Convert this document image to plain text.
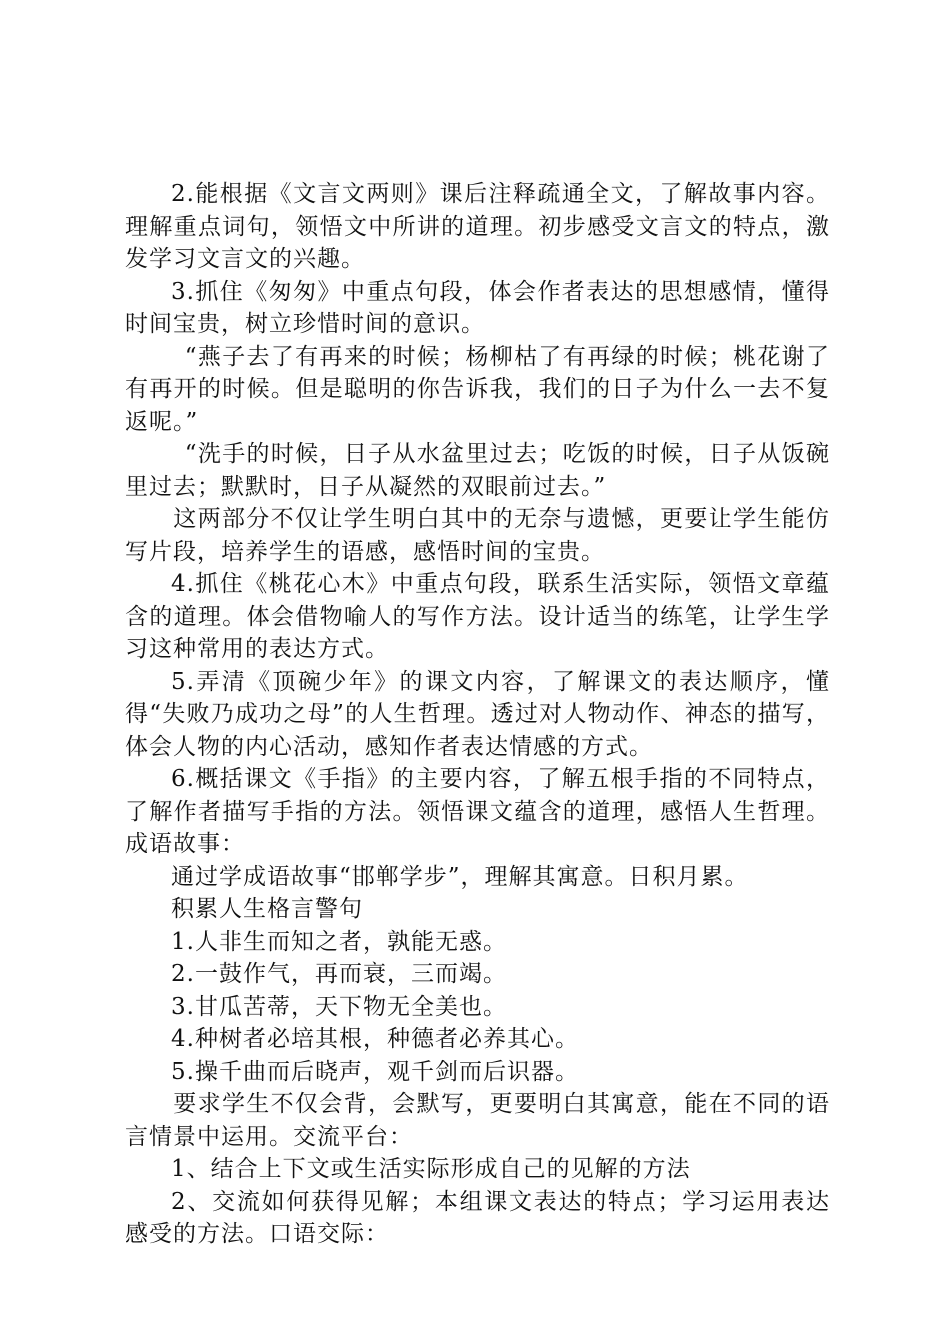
2.能根据《文言文两则》课后注释疏通全文，了解故事内容。理解重点词句，领悟文中所讲的道理。初步感受文言文的特点，激发学习文言文的兴趣。

3.抓住《匆匆》中重点句段，体会作者表达的思想感情，懂得时间宝贵，树立珍惜时间的意识。

“燕子去了有再来的时候；杨柳枯了有再绿的时候；桃花谢了有再开的时候。但是聪明的你告诉我，我们的日子为什么一去不复返呢。”

“洗手的时候，日子从水盆里过去；吃饭的时候，日子从饭碗里过去；默默时，日子从凝然的双眼前过去。”

这两部分不仅让学生明白其中的无奈与遗憾，更要让学生能仿写片段，培养学生的语感，感悟时间的宝贵。

4.抓住《桃花心木》中重点句段，联系生活实际，领悟文章蕴含的道理。体会借物喻人的写作方法。设计适当的练笔，让学生学习这种常用的表达方式。

5.弄清《顶碗少年》的课文内容，了解课文的表达顺序，懂得“失败乃成功之母”的人生哲理。透过对人物动作、神态的描写，体会人物的内心活动，感知作者表达情感的方式。

6.概括课文《手指》的主要内容，了解五根手指的不同特点，了解作者描写手指的方法。领悟课文蕴含的道理，感悟人生哲理。成语故事：

通过学成语故事“邯郸学步”，理解其寓意。日积月累。

积累人生格言警句

1.人非生而知之者，孰能无惑。

2.一鼓作气，再而衰，三而竭。

3.甘瓜苦蒂，天下物无全美也。

4.种树者必培其根，种德者必养其心。

5.操千曲而后晓声，观千剑而后识器。

要求学生不仅会背，会默写，更要明白其寓意，能在不同的语言情景中运用。交流平台：

1、结合上下文或生活实际形成自己的见解的方法

2、交流如何获得见解；本组课文表达的特点；学习运用表达感受的方法。口语交际：
